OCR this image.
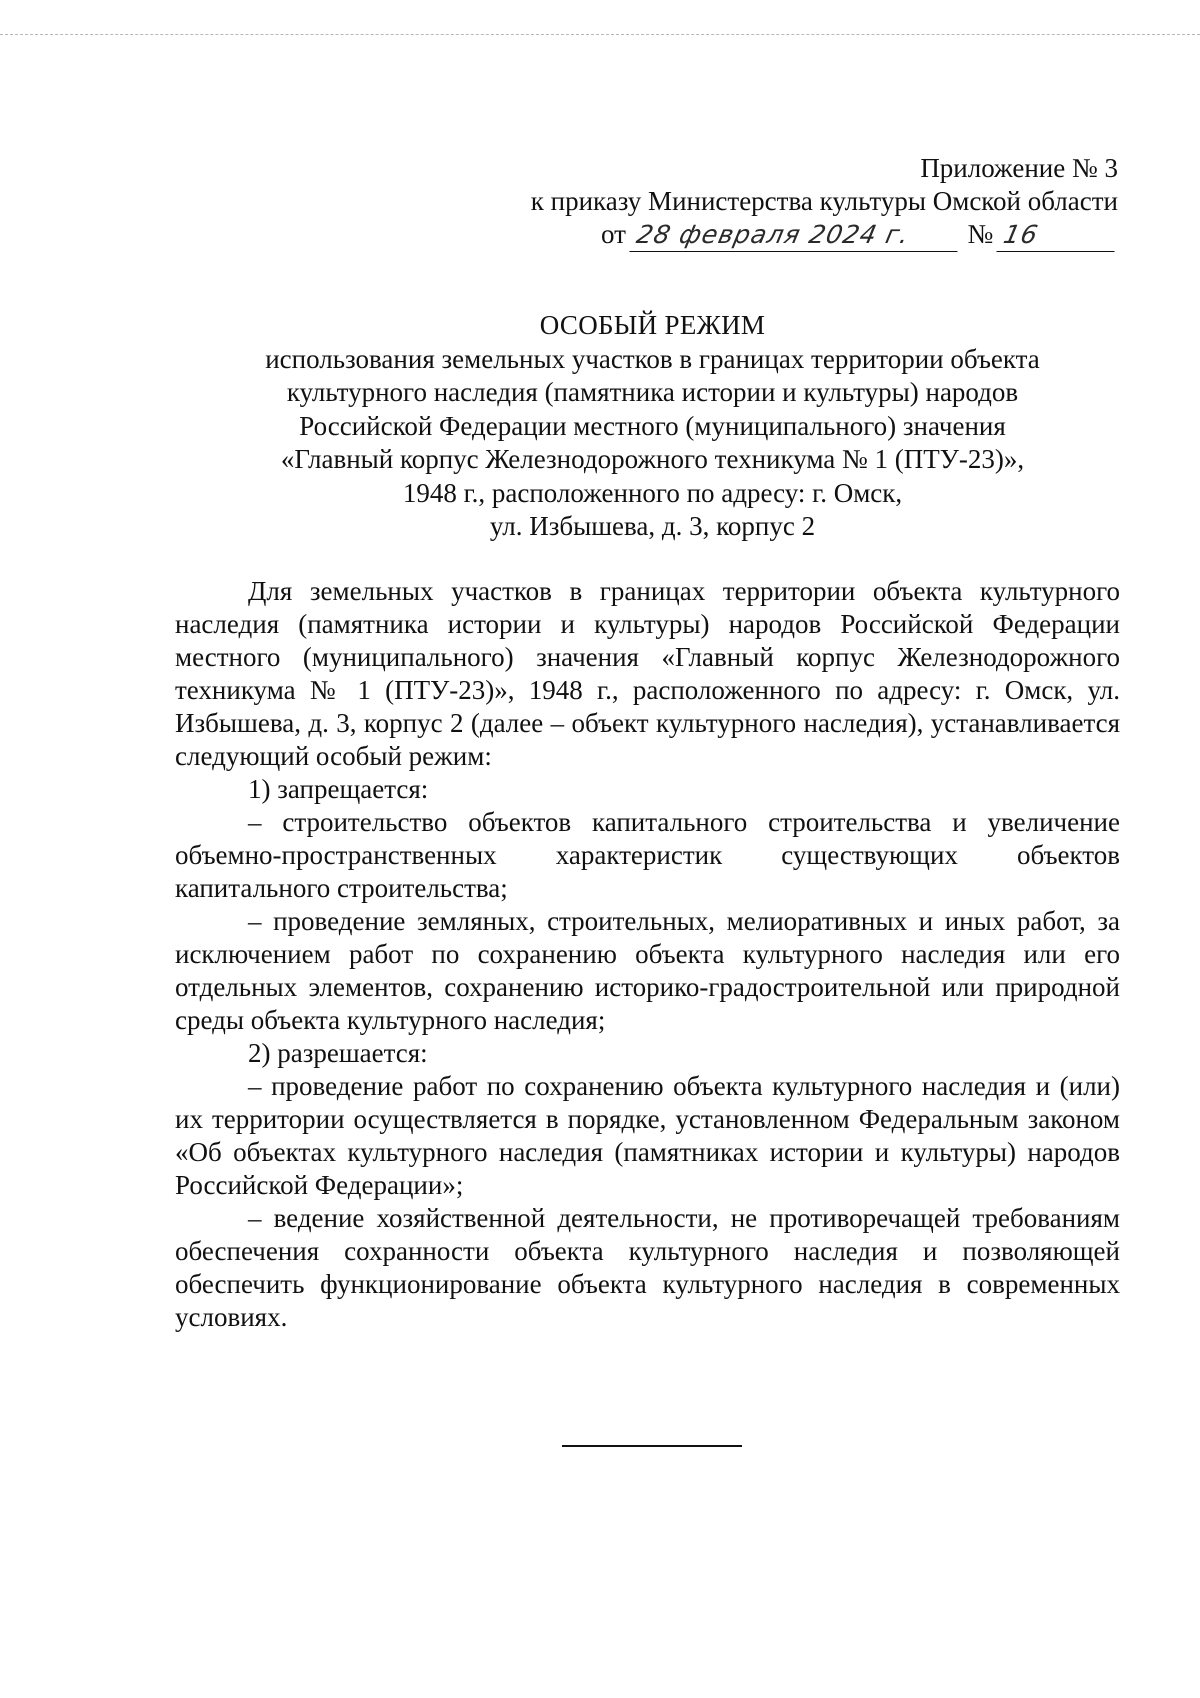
Приложение № 3
к приказу Министерства культуры Омской области
от 28 февраля 2024 г. № 16
ОСОБЫЙ РЕЖИМ
использования земельных участков в границах территории объекта
культурного наследия (памятника истории и культуры) народов
Российской Федерации местного (муниципального) значения
«Главный корпус Железнодорожного техникума № 1 (ПТУ-23)»,
1948 г., расположенного по адресу: г. Омск,
ул. Избышева, д. 3, корпус 2

Для земельных участков в границах территории объекта культурного наследия (памятника истории и культуры) народов Российской Федерации местного (муниципального) значения «Главный корпус Железнодорожного техникума № 1 (ПТУ-23)», 1948 г., расположенного по адресу: г. Омск, ул. Избышева, д. 3, корпус 2 (далее – объект культурного наследия), устанавливается следующий особый режим:

1) запрещается:

– строительство объектов капитального строительства и увеличение объемно-пространственных характеристик существующих объектов капитального строительства;

– проведение земляных, строительных, мелиоративных и иных работ, за исключением работ по сохранению объекта культурного наследия или его отдельных элементов, сохранению историко-градостроительной или природной среды объекта культурного наследия;

2) разрешается:

– проведение работ по сохранению объекта культурного наследия и (или) их территории осуществляется в порядке, установленном Федеральным законом «Об объектах культурного наследия (памятниках истории и культуры) народов Российской Федерации»;

– ведение хозяйственной деятельности, не противоречащей требованиям обеспечения сохранности объекта культурного наследия и позволяющей обеспечить функционирование объекта культурного наследия в современных условиях.
